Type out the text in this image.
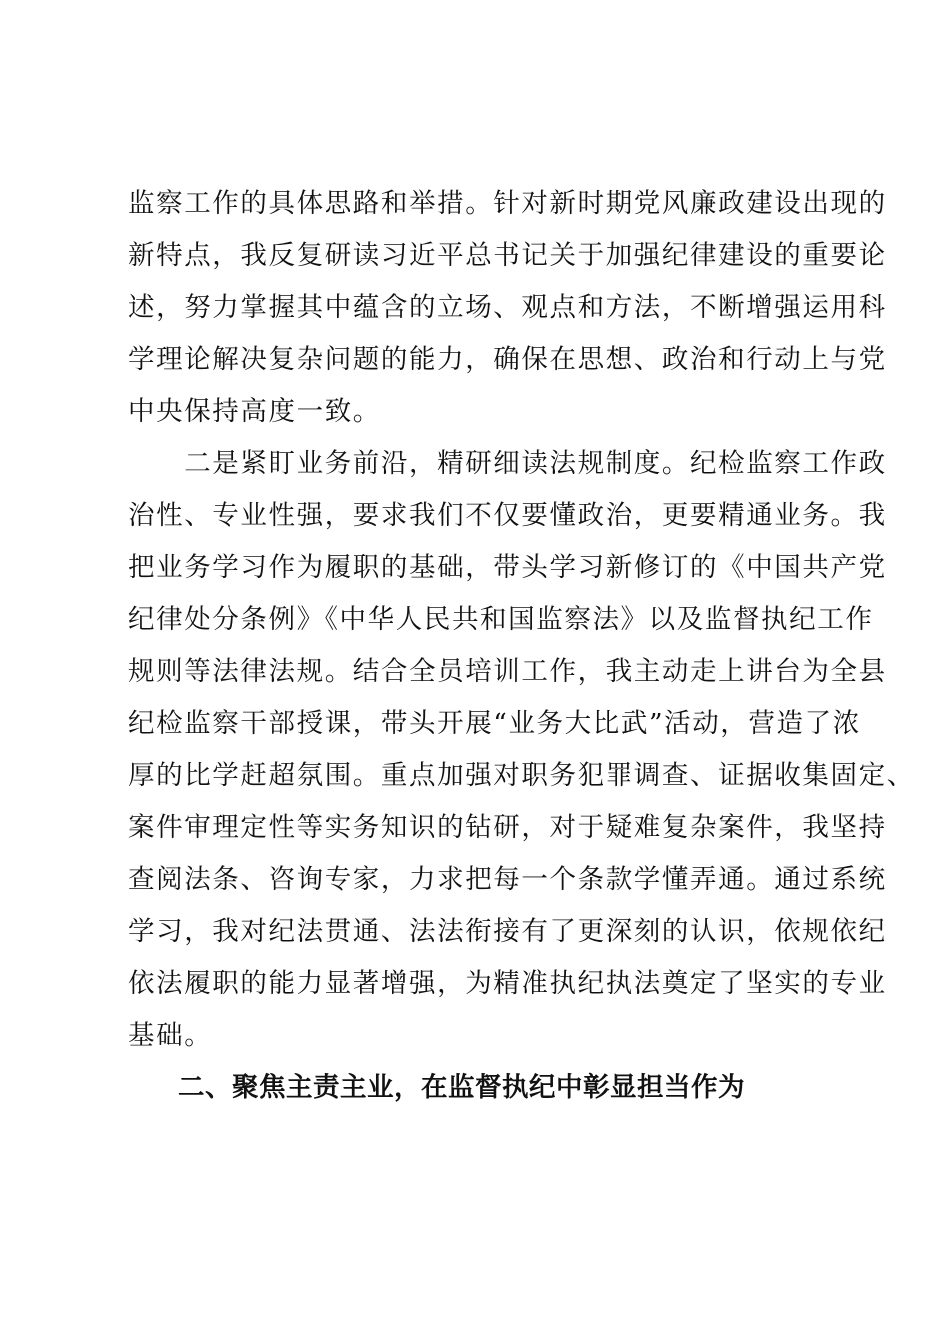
监察工作的具体思路和举措。针对新时期党风廉政建设出现的
新特点，我反复研读习近平总书记关于加强纪律建设的重要论
述，努力掌握其中蕴含的立场、观点和方法，不断增强运用科
学理论解决复杂问题的能力，确保在思想、政治和行动上与党
中央保持高度一致。
　　二是紧盯业务前沿，精研细读法规制度。纪检监察工作政
治性、专业性强，要求我们不仅要懂政治，更要精通业务。我
把业务学习作为履职的基础，带头学习新修订的《中国共产党
纪律处分条例》《中华人民共和国监察法》以及监督执纪工作
规则等法律法规。结合全员培训工作，我主动走上讲台为全县
纪检监察干部授课，带头开展“业务大比武”活动，营造了浓
厚的比学赶超氛围。重点加强对职务犯罪调查、证据收集固定、
案件审理定性等实务知识的钻研，对于疑难复杂案件，我坚持
查阅法条、咨询专家，力求把每一个条款学懂弄通。通过系统
学习，我对纪法贯通、法法衔接有了更深刻的认识，依规依纪
依法履职的能力显著增强，为精准执纪执法奠定了坚实的专业
基础。
二、聚焦主责主业，在监督执纪中彰显担当作为
